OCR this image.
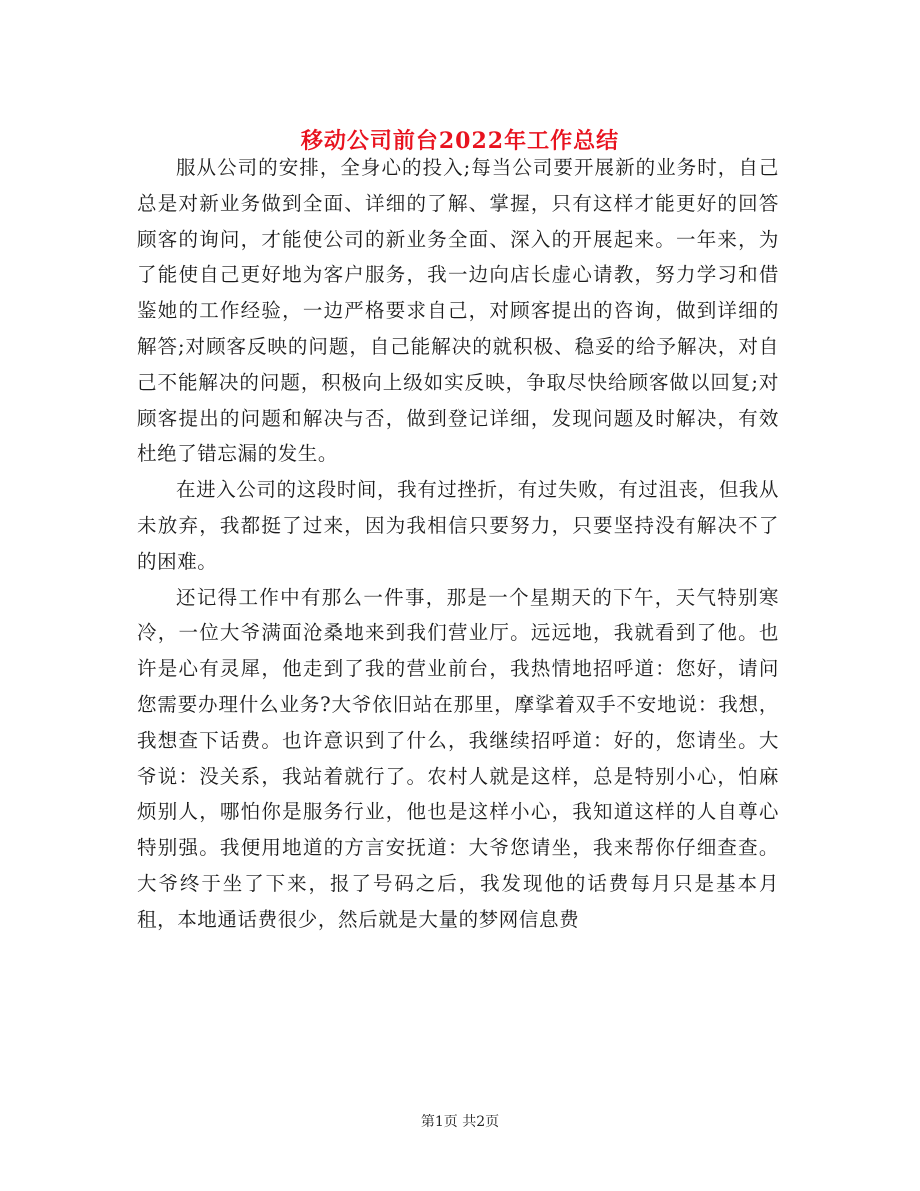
移动公司前台2022年工作总结

服从公司的安排，全身心的投入;每当公司要开展新的业务时，自己总是对新业务做到全面、详细的了解、掌握，只有这样才能更好的回答顾客的询问，才能使公司的新业务全面、深入的开展起来。一年来，为了能使自己更好地为客户服务，我一边向店长虚心请教，努力学习和借鉴她的工作经验，一边严格要求自己，对顾客提出的咨询，做到详细的解答;对顾客反映的问题，自己能解决的就积极、稳妥的给予解决，对自己不能解决的问题，积极向上级如实反映，争取尽快给顾客做以回复;对顾客提出的问题和解决与否，做到登记详细，发现问题及时解决，有效杜绝了错忘漏的发生。

在进入公司的这段时间，我有过挫折，有过失败，有过沮丧，但我从未放弃，我都挺了过来，因为我相信只要努力，只要坚持没有解决不了的困难。

还记得工作中有那么一件事，那是一个星期天的下午，天气特别寒冷，一位大爷满面沧桑地来到我们营业厅。远远地，我就看到了他。也许是心有灵犀，他走到了我的营业前台，我热情地招呼道：您好，请问您需要办理什么业务?大爷依旧站在那里，摩挲着双手不安地说：我想，我想查下话费。也许意识到了什么，我继续招呼道：好的，您请坐。大爷说：没关系，我站着就行了。农村人就是这样，总是特别小心，怕麻烦别人，哪怕你是服务行业，他也是这样小心，我知道这样的人自尊心特别强。我便用地道的方言安抚道：大爷您请坐，我来帮你仔细查查。大爷终于坐了下来，报了号码之后，我发现他的话费每月只是基本月租，本地通话费很少，然后就是大量的梦网信息费

第1页 共2页
